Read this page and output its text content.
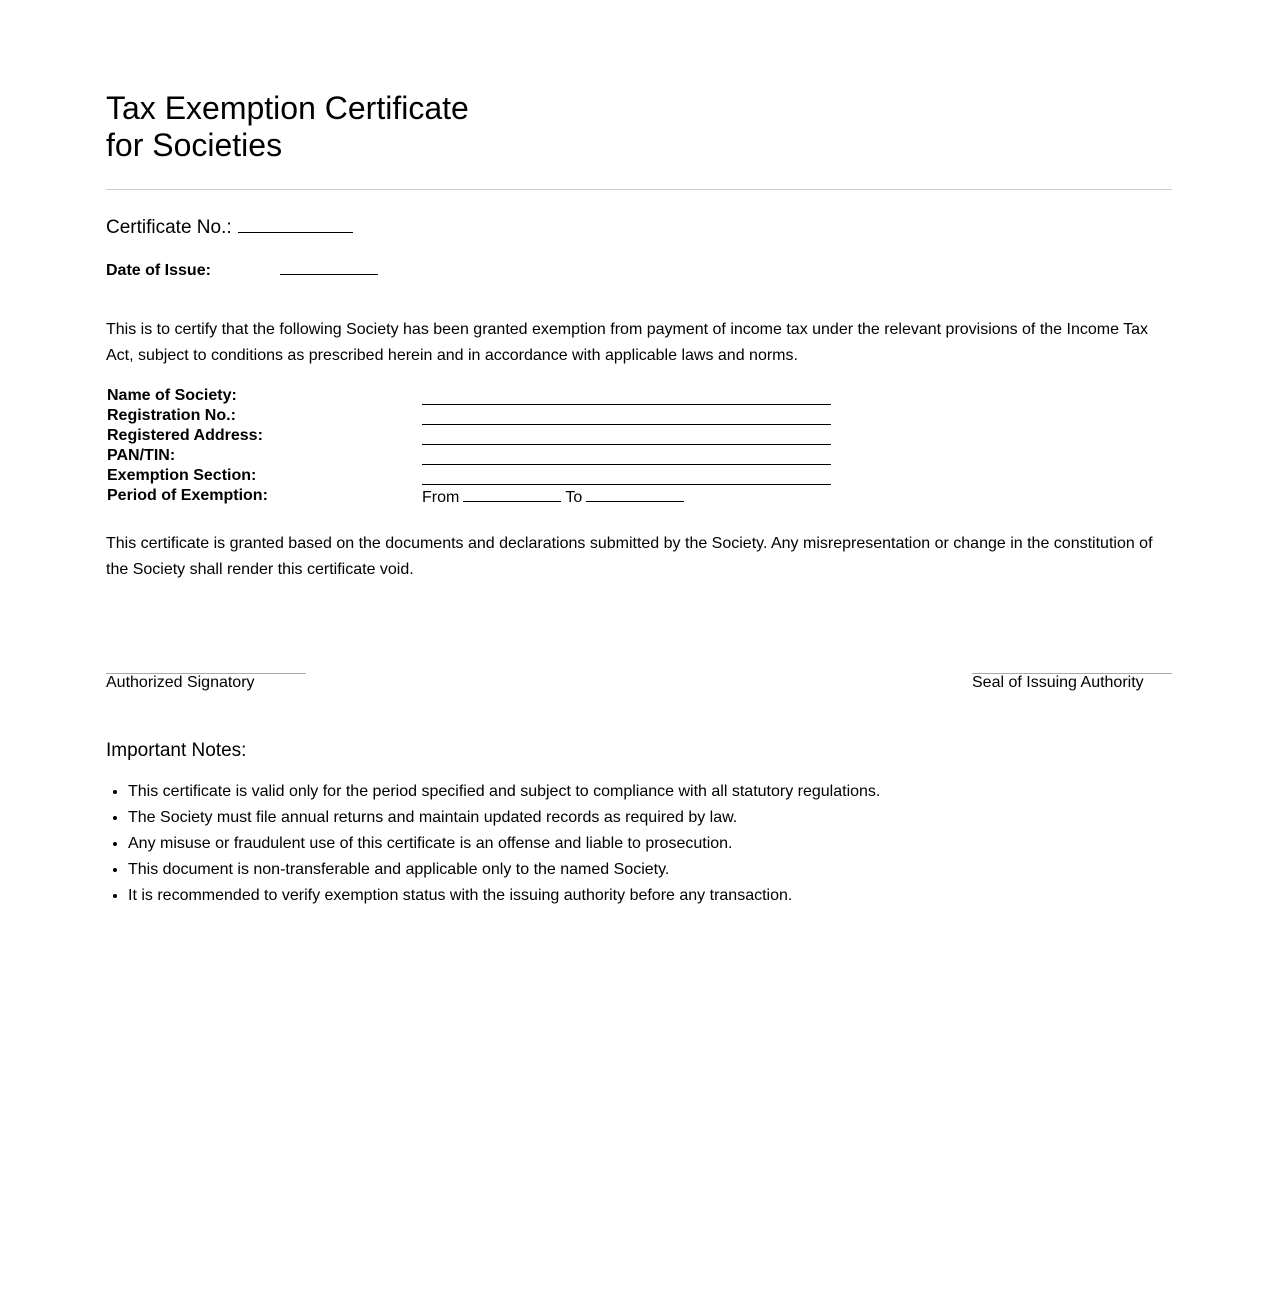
Tax Exemption Certificate
for Societies
Certificate No.:
Date of Issue:

This is to certify that the following Society has been granted exemption from payment of income tax under the relevant provisions of the Income Tax Act, subject to conditions as prescribed herein and in accordance with applicable laws and norms.

Name of Society:
Registration No.:
Registered Address:
PAN/TIN:
Exemption Section:
Period of Exemption:	From	To

This certificate is granted based on the documents and declarations submitted by the Society. Any misrepresentation or change in the constitution of the Society shall render this certificate void.

Authorized Signatory	Seal of Issuing Authority
Important Notes:
• This certificate is valid only for the period specified and subject to compliance with all statutory regulations.
• The Society must file annual returns and maintain updated records as required by law.
• Any misuse or fraudulent use of this certificate is an offense and liable to prosecution.
• This document is non-transferable and applicable only to the named Society.
• It is recommended to verify exemption status with the issuing authority before any transaction.
